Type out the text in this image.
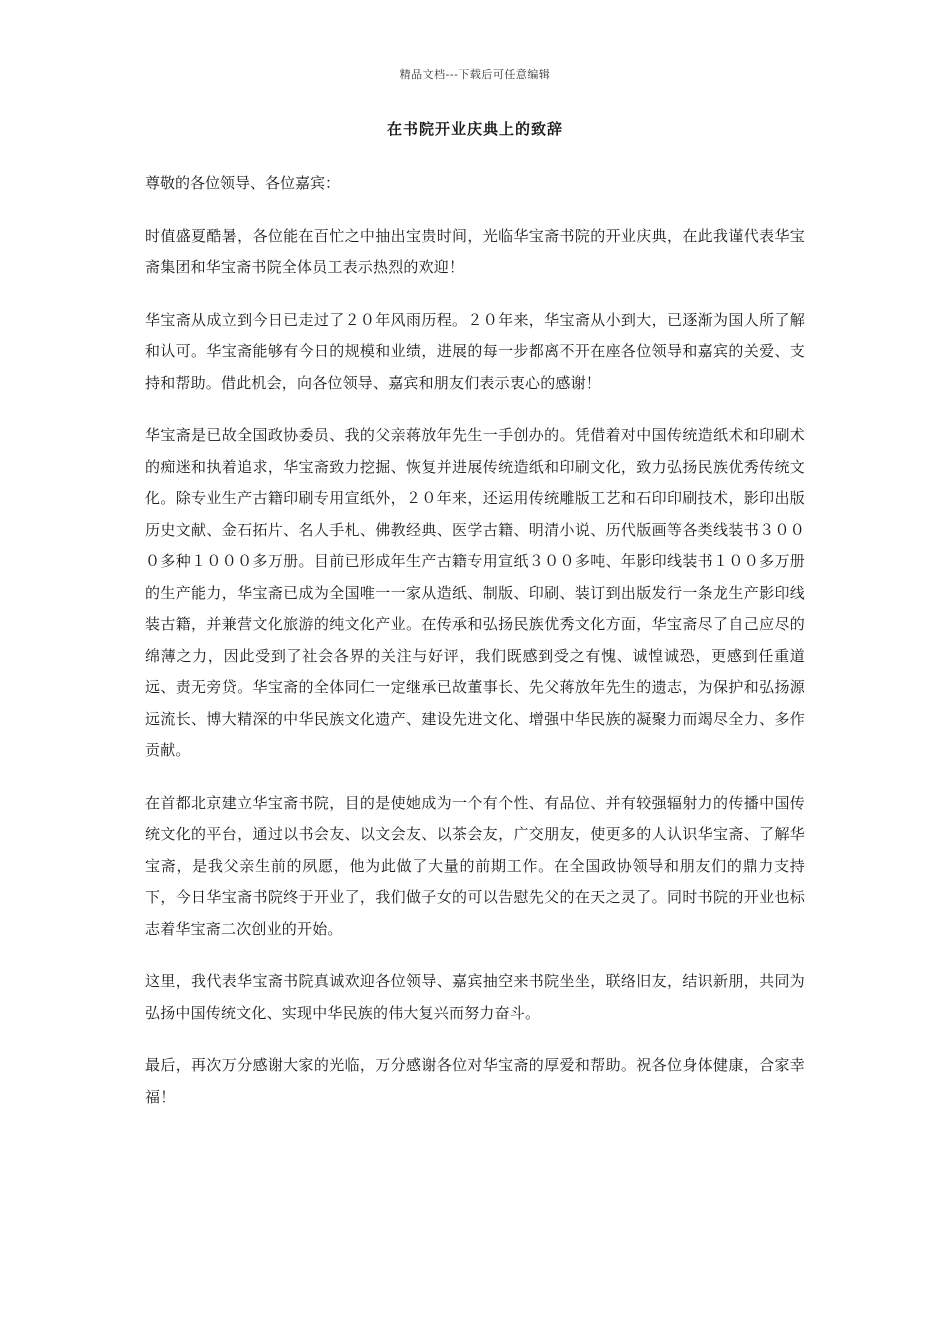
精品文档---下载后可任意编辑
在书院开业庆典上的致辞

尊敬的各位领导、各位嘉宾：

时值盛夏酷暑，各位能在百忙之中抽出宝贵时间，光临华宝斋书院的开业庆典，在此我谨代表华宝斋集团和华宝斋书院全体员工表示热烈的欢迎！

华宝斋从成立到今日已走过了２０年风雨历程。２０年来，华宝斋从小到大，已逐渐为国人所了解和认可。华宝斋能够有今日的规模和业绩，进展的每一步都离不开在座各位领导和嘉宾的关爱、支持和帮助。借此机会，向各位领导、嘉宾和朋友们表示衷心的感谢！

华宝斋是已故全国政协委员、我的父亲蒋放年先生一手创办的。凭借着对中国传统造纸术和印刷术的痴迷和执着追求，华宝斋致力挖掘、恢复并进展传统造纸和印刷文化，致力弘扬民族优秀传统文化。除专业生产古籍印刷专用宣纸外，２０年来，还运用传统雕版工艺和石印印刷技术，影印出版历史文献、金石拓片、名人手札、佛教经典、医学古籍、明清小说、历代版画等各类线装书３０００多种１０００多万册。目前已形成年生产古籍专用宣纸３００多吨、年影印线装书１００多万册的生产能力，华宝斋已成为全国唯一一家从造纸、制版、印刷、装订到出版发行一条龙生产影印线装古籍，并兼营文化旅游的纯文化产业。在传承和弘扬民族优秀文化方面，华宝斋尽了自己应尽的绵薄之力，因此受到了社会各界的关注与好评，我们既感到受之有愧、诚惶诚恐，更感到任重道远、责无旁贷。华宝斋的全体同仁一定继承已故董事长、先父蒋放年先生的遗志，为保护和弘扬源远流长、博大精深的中华民族文化遗产、建设先进文化、增强中华民族的凝聚力而竭尽全力、多作贡献。

在首都北京建立华宝斋书院，目的是使她成为一个有个性、有品位、并有较强辐射力的传播中国传统文化的平台，通过以书会友、以文会友、以茶会友，广交朋友，使更多的人认识华宝斋、了解华宝斋，是我父亲生前的夙愿，他为此做了大量的前期工作。在全国政协领导和朋友们的鼎力支持下，今日华宝斋书院终于开业了，我们做子女的可以告慰先父的在天之灵了。同时书院的开业也标志着华宝斋二次创业的开始。

这里，我代表华宝斋书院真诚欢迎各位领导、嘉宾抽空来书院坐坐，联络旧友，结识新朋，共同为弘扬中国传统文化、实现中华民族的伟大复兴而努力奋斗。

最后，再次万分感谢大家的光临，万分感谢各位对华宝斋的厚爱和帮助。祝各位身体健康，合家幸福！
